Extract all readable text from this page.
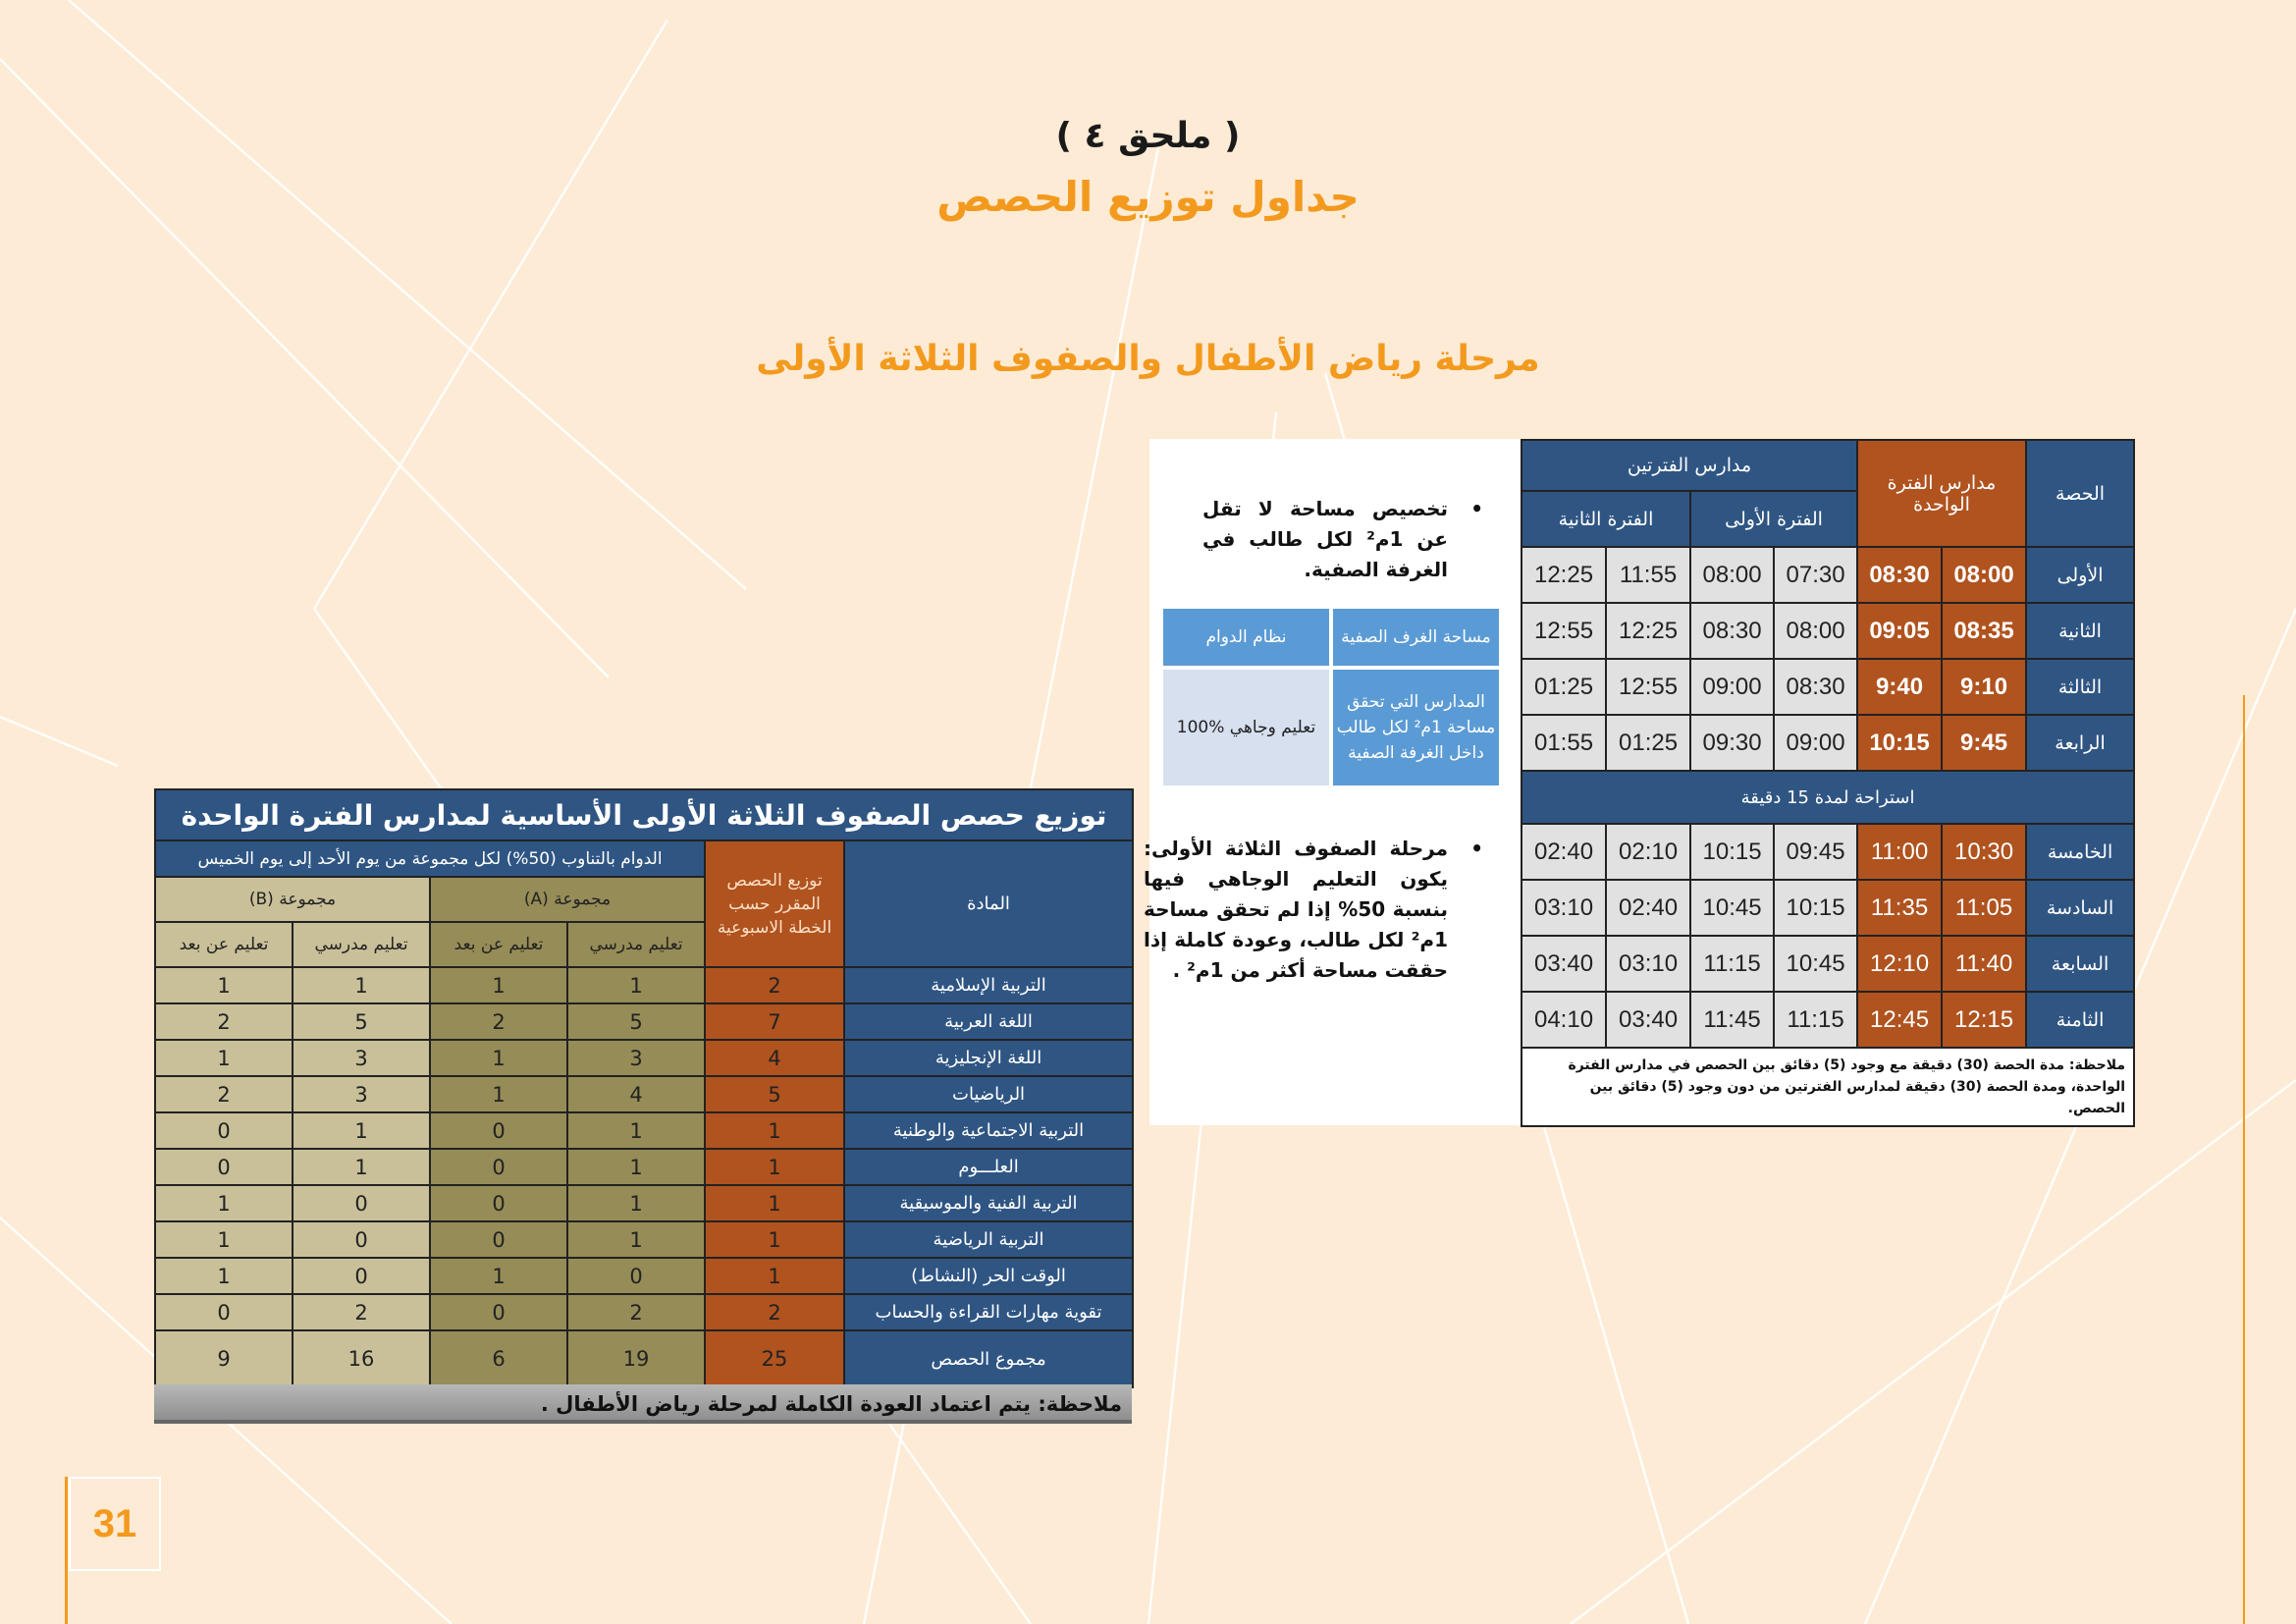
( ملحق ٤ )
جداول توزيع الحصص
مرحلة رياض الأطفال والصفوف الثلاثة الأولى
• تخصيص مساحة لا تقل عن 1م² لكل طالب في الغرفة الصفية.
مساحة الغرف الصفية	نظام الدوام
المدارس التي تحقق مساحة 1م² لكل طالب داخل الغرفة الصفية	تعليم وجاهي %100
• مرحلة الصفوف الثلاثة الأولى: يكون التعليم الوجاهي فيها بنسبة 50% إذا لم تحقق مساحة 1م² لكل طالب، وعودة كاملة إذا حققت مساحة أكثر من 1م² .
الحصة	مدارس الفترة الواحدة		مدارس الفترتين			
			الفترة الأولى		الفترة الثانية	
الأولى	08:00	08:30	07:30	08:00	11:55	12:25
الثانية	08:35	09:05	08:00	08:30	12:25	12:55
الثالثة	9:10	9:40	08:30	09:00	12:55	01:25
الرابعة	9:45	10:15	09:00	09:30	01:25	01:55
استراحة لمدة 15 دقيقة						
الخامسة	10:30	11:00	09:45	10:15	02:10	02:40
السادسة	11:05	11:35	10:15	10:45	02:40	03:10
السابعة	11:40	12:10	10:45	11:15	03:10	03:40
الثامنة	12:15	12:45	11:15	11:45	03:40	04:10
ملاحظة: مدة الحصة (30) دقيقة مع وجود (5) دقائق بين الحصص في مدارس الفترة الواحدة، ومدة الحصة (30) دقيقة لمدارس الفترتين من دون وجود (5) دقائق بين الحصص.						
توزيع حصص الصفوف الثلاثة الأولى الأساسية لمدارس الفترة الواحدة					
المادة	توزيع الحصص المقرر حسب الخطة الاسبوعية	الدوام بالتناوب (50%) لكل مجموعة من يوم الأحد إلى يوم الخميس			
		مجموعة (A)		مجموعة (B)	
		تعليم مدرسي	تعليم عن بعد	تعليم مدرسي	تعليم عن بعد
التربية الإسلامية	2	1	1	1	1
اللغة العربية	7	5	2	5	2
اللغة الإنجليزية	4	3	1	3	1
الرياضيات	5	4	1	3	2
التربية الاجتماعية والوطنية	1	1	0	1	0
العلـــوم	1	1	0	1	0
التربية الفنية والموسيقية	1	1	0	0	1
التربية الرياضية	1	1	0	0	1
الوقت الحر (النشاط)	1	0	1	0	1
تقوية مهارات القراءة والحساب	2	2	0	2	0
مجموع الحصص	25	19	6	16	9
ملاحظة: يتم اعتماد العودة الكاملة لمرحلة رياض الأطفال .
31
